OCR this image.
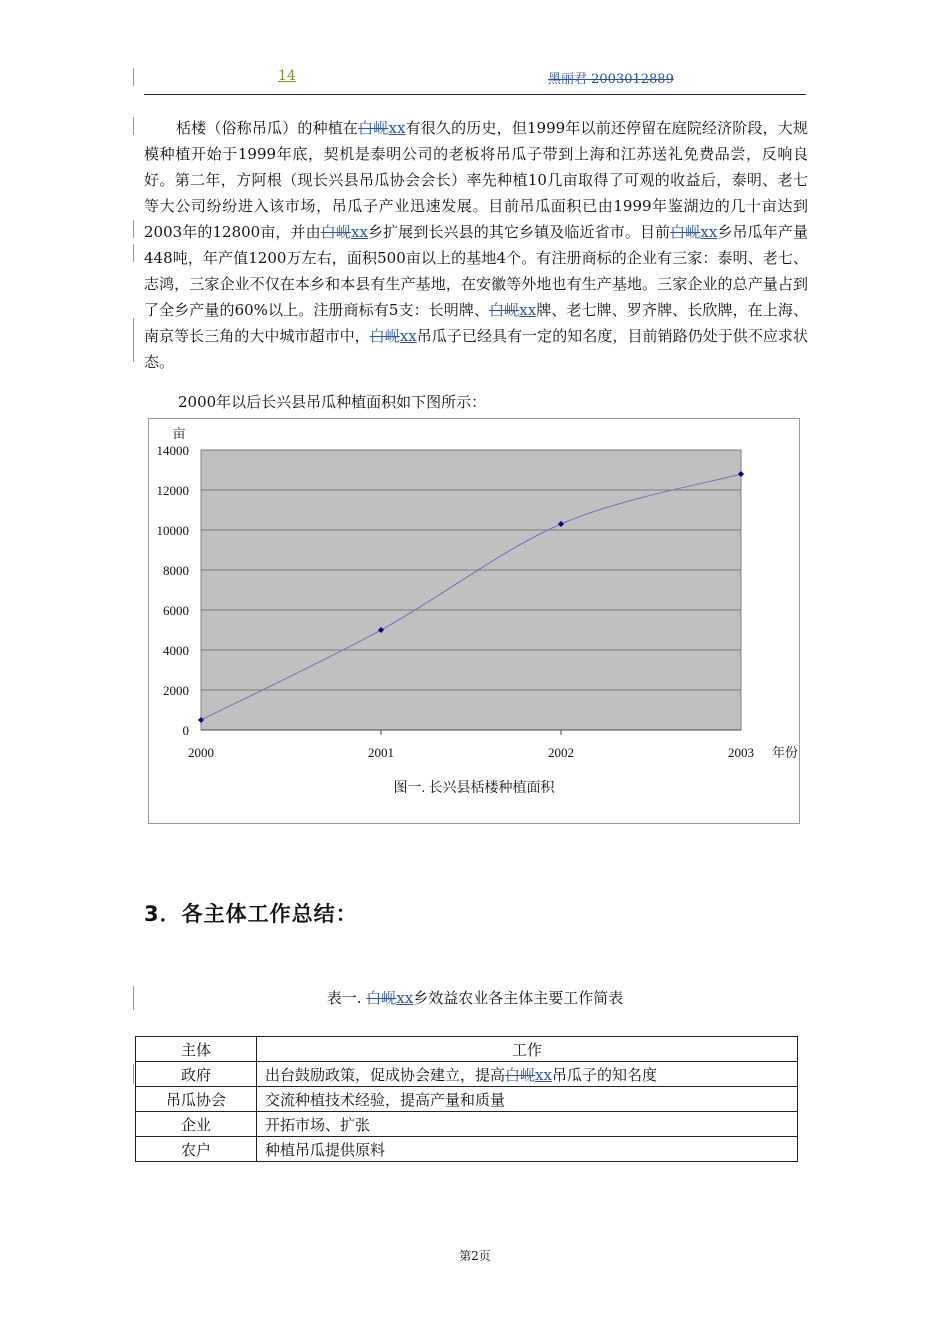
14	黑丽君 2003012889
栝楼（俗称吊瓜）的种植在白岘xx有很久的历史，但1999年以前还停留在庭院经济阶段，大规模种植开始于1999年底，契机是泰明公司的老板将吊瓜子带到上海和江苏送礼免费品尝，反响良好。第二年，方阿根（现长兴县吊瓜协会会长）率先种植10几亩取得了可观的收益后，泰明、老七等大公司纷纷进入该市场，吊瓜子产业迅速发展。目前吊瓜面积已由1999年鉴湖边的几十亩达到2003年的12800亩，并由白岘xx乡扩展到长兴县的其它乡镇及临近省市。目前白岘xx乡吊瓜年产量448吨，年产值1200万左右，面积500亩以上的基地4个。有注册商标的企业有三家：泰明、老七、志鸿，三家企业不仅在本乡和本县有生产基地，在安徽等外地也有生产基地。三家企业的总产量占到了全乡产量的60%以上。注册商标有5支：长明牌、白岘xx牌、老七牌、罗齐牌、长欣牌，在上海、南京等长三角的大中城市超市中，白岘xx吊瓜子已经具有一定的知名度，目前销路仍处于供不应求状态。
2000年以后长兴县吊瓜种植面积如下图所示：
0
2000
4000
6000
8000
10000
12000
14000
2000	2001	2002	2003
亩
年份
图一. 长兴县栝楼种植面积
3．各主体工作总结：
表一. 白岘xx乡效益农业各主体主要工作简表
主体	工作
政府	出台鼓励政策，促成协会建立，提高白岘xx吊瓜子的知名度
吊瓜协会	交流种植技术经验，提高产量和质量
企业	开拓市场、扩张
农户	种植吊瓜提供原料
第2页
